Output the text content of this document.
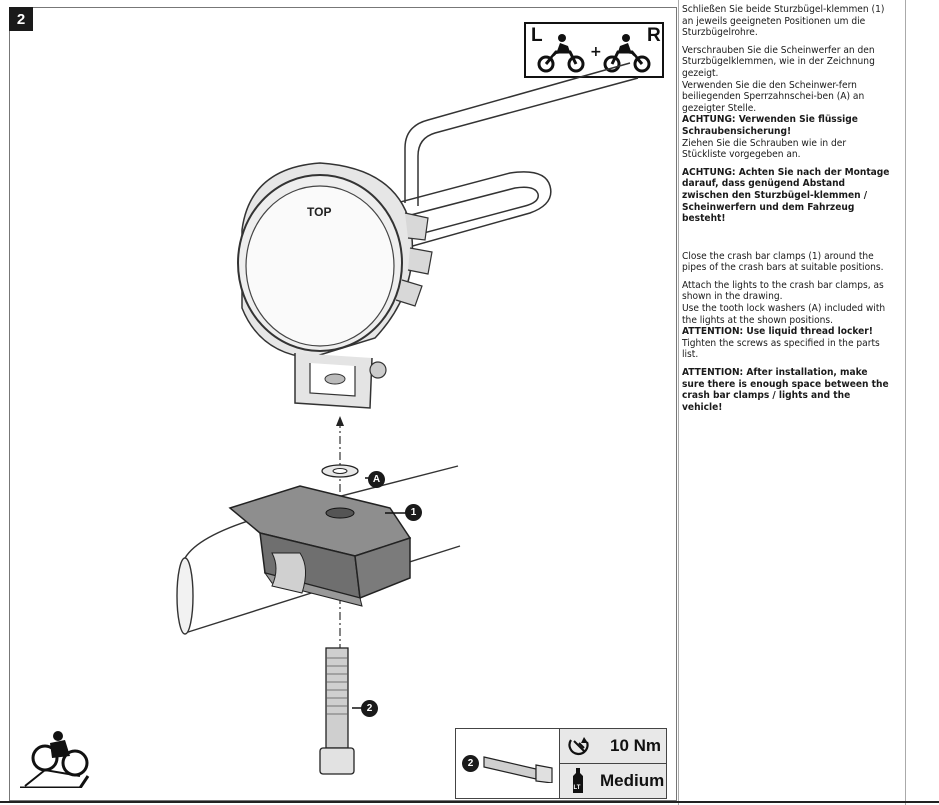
2
L	R
+
TOP
A
1
2
2
10 Nm
LT Medium

Schließen Sie beide Sturzbügel-klemmen (1) an jeweils geeigneten Positionen um die Sturzbügelrohre.

Verschrauben Sie die Scheinwerfer an den Sturzbügelklemmen, wie in der Zeichnung gezeigt.

Verwenden Sie die den Scheinwer-fern beiliegenden Sperrzahnschei-ben (A) an gezeigter Stelle.

ACHTUNG: Verwenden Sie flüssige Schraubensicherung!

Ziehen Sie die Schrauben wie in der Stückliste vorgegeben an.

ACHTUNG: Achten Sie nach der Montage darauf, dass genügend Abstand zwischen den Sturzbügel-klemmen / Scheinwerfern und dem Fahrzeug besteht!

Close the crash bar clamps (1) around the pipes of the crash bars at suitable positions.

Attach the lights to the crash bar clamps, as shown in the drawing.

Use the tooth lock washers (A) included with the lights at the shown positions.

ATTENTION: Use liquid thread locker!

Tighten the screws as specified in the parts list.

ATTENTION: After installation, make sure there is enough space between the crash bar clamps / lights and the vehicle!
